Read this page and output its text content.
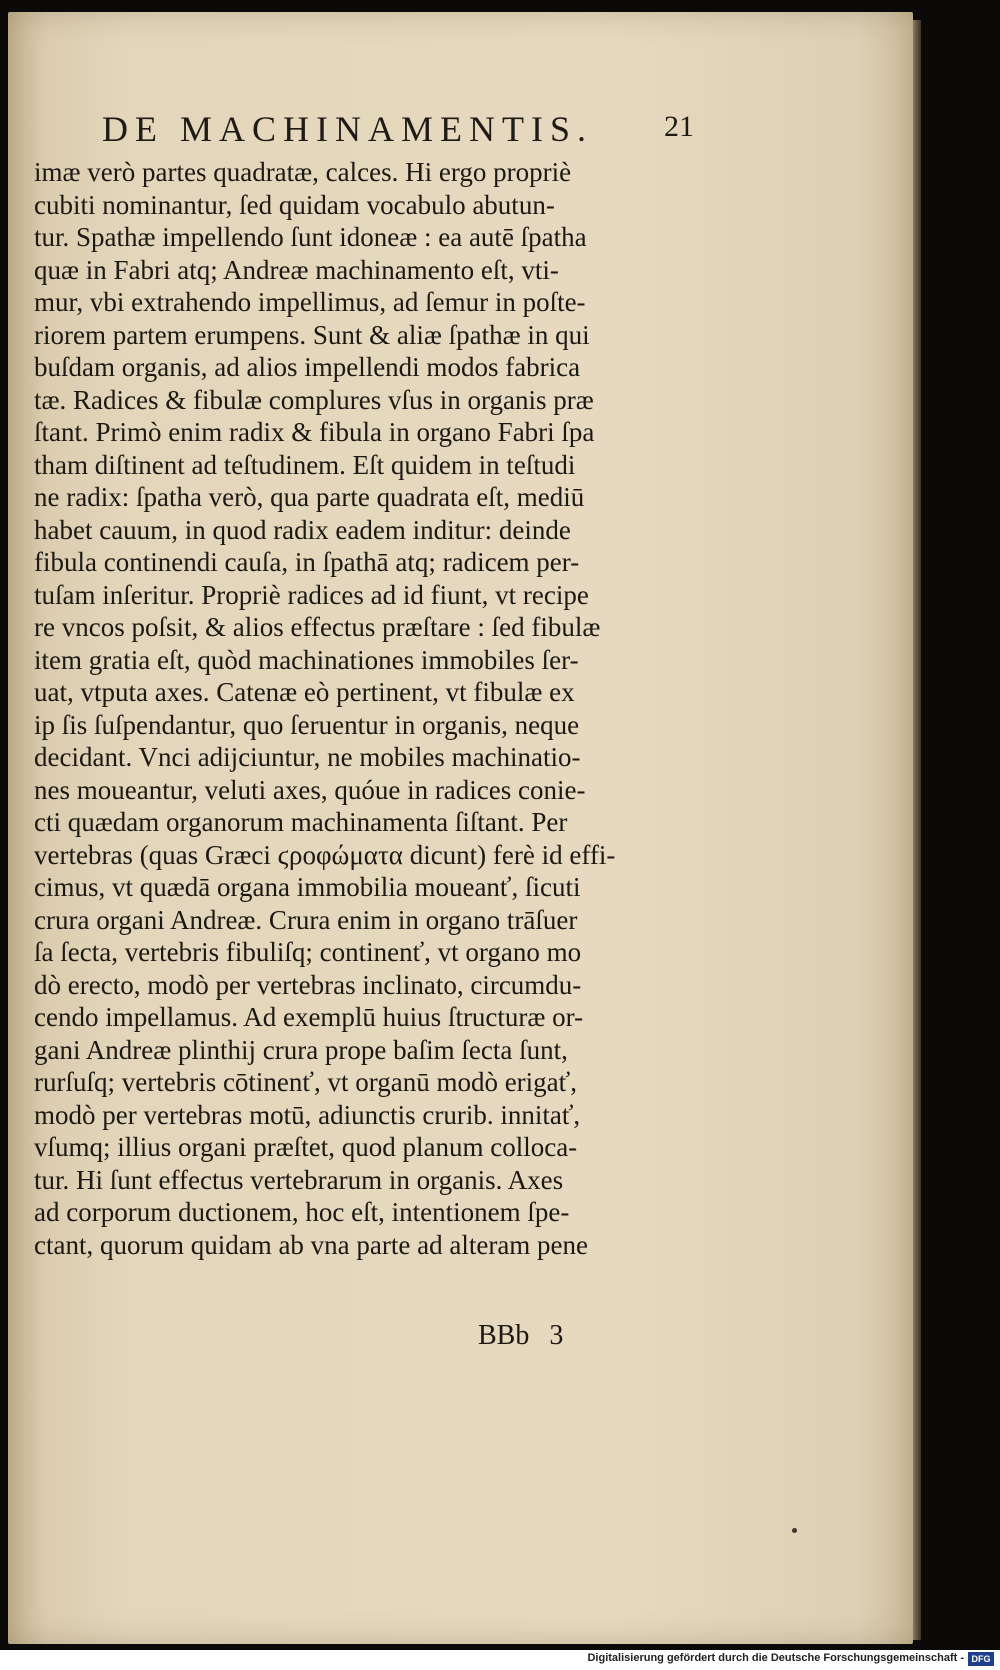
DE MACHINAMENTIS. 21
imæ verò partes quadratæ, calces. Hi ergo propriè
cubiti nominantur, ſed quidam vocabulo abutun-
tur. Spathæ impellendo ſunt idoneæ : ea autē ſpatha
quæ in Fabri atq; Andreæ machinamento eſt, vti-
mur, vbi extrahendo impellimus, ad ſemur in poſte-
riorem partem erumpens. Sunt & aliæ ſpathæ in qui
buſdam organis, ad alios impellendi modos fabrica
tæ. Radices & fibulæ complures vſus in organis præ
ſtant. Primò enim radix & fibula in organo Fabri ſpa
tham diſtinent ad teſtudinem. Eſt quidem in teſtudi
ne radix: ſpatha verò, qua parte quadrata eſt, mediū
habet cauum, in quod radix eadem inditur: deinde
fibula continendi cauſa, in ſpathā atq; radicem per-
tuſam inſeritur. Propriè radices ad id fiunt, vt recipe
re vncos poſsit, & alios effectus præſtare : ſed fibulæ
item gratia eſt, quòd machinationes immobiles ſer-
uat, vtputa axes. Catenæ eò pertinent, vt fibulæ ex
ip ſis ſuſpendantur, quo ſeruentur in organis, neque
decidant. Vnci adijciuntur, ne mobiles machinatio-
nes moueantur, veluti axes, quóue in radices conie-
cti quædam organorum machinamenta ſiſtant. Per
vertebras (quas Græci ϛροφώματα dicunt) ferè id effi-
cimus, vt quædā organa immobilia moueanť, ſicuti
crura organi Andreæ. Crura enim in organo trāſuer
ſa ſecta, vertebris fibuliſq; continenť, vt organo mo
dò erecto, modò per vertebras inclinato, circumdu-
cendo impellamus. Ad exemplū huius ſtructuræ or-
gani Andreæ plinthij crura prope baſim ſecta ſunt,
rurſuſq; vertebris cōtinenť, vt organū modò erigať,
modò per vertebras motū, adiunctis crurib. innitať,
vſumq; illius organi præſtet, quod planum colloca-
tur. Hi ſunt effectus vertebrarum in organis. Axes
ad corporum ductionem, hoc eſt, intentionem ſpe-
ctant, quorum quidam ab vna parte ad alteram pene
BBb 3
Digitalisierung gefördert durch die Deutsche Forschungsgemeinschaft - DFG
